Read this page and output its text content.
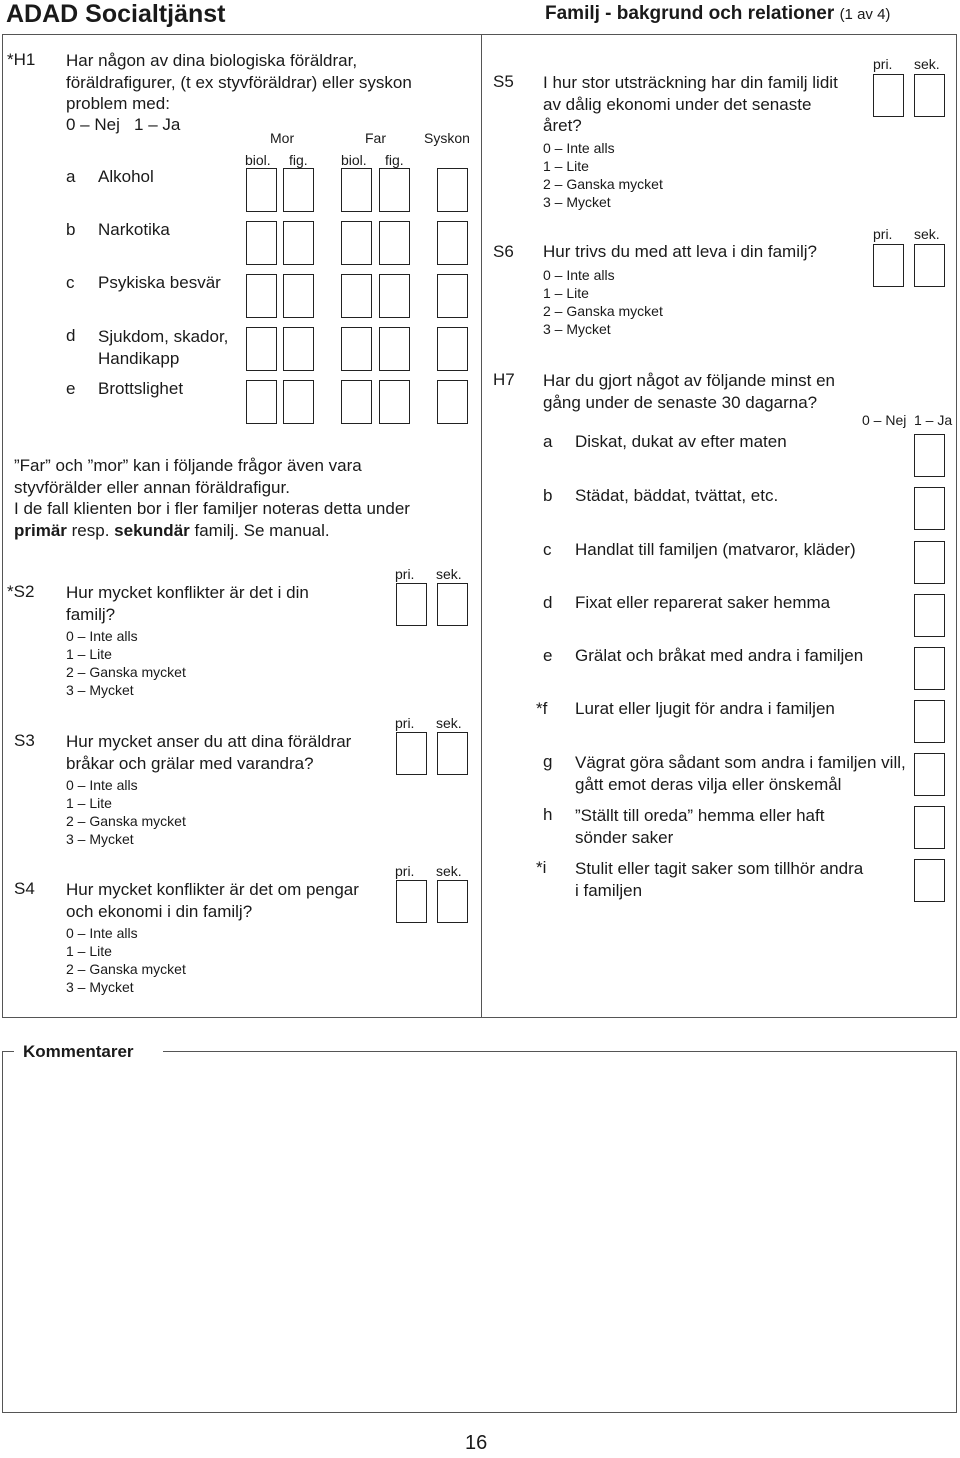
ADAD Socialtjänst	Familj - bakgrund och relationer (1 av 4)
*H1 Har någon av dina biologiska föräldrar, föräldrafigurer, (t ex styvföräldrar) eller syskon problem med:
0 – Nej   1 – Ja
Mor	Far	Syskon
biol. fig. biol. fig.
a Alkohol
b Narkotika
c Psykiska besvär
d Sjukdom, skador, Handikapp
e Brottslighet
”Far” och ”mor” kan i följande frågor även vara styvförälder eller annan föräldrafigur.
I de fall klienten bor i fler familjer noteras detta under primär resp. sekundär familj. Se manual.
pri. sek.
*S2 Hur mycket konflikter är det i din familj?
0 – Inte alls
1 – Lite
2 – Ganska mycket
3 – Mycket
pri. sek.
S3 Hur mycket anser du att dina föräldrar bråkar och grälar med varandra?
0 – Inte alls
1 – Lite
2 – Ganska mycket
3 – Mycket
pri. sek.
S4 Hur mycket konflikter är det om pengar och ekonomi i din familj?
0 – Inte alls
1 – Lite
2 – Ganska mycket
3 – Mycket
pri. sek.
S5 I hur stor utsträckning har din familj lidit av dålig ekonomi under det senaste året?
0 – Inte alls
1 – Lite
2 – Ganska mycket
3 – Mycket
pri. sek.
S6 Hur trivs du med att leva i din familj?
0 – Inte alls
1 – Lite
2 – Ganska mycket
3 – Mycket
H7 Har du gjort något av följande minst en gång under de senaste 30 dagarna?
0 – Nej 1 – Ja
a Diskat, dukat av efter maten
b Städat, bäddat, tvättat, etc.
c Handlat till familjen (matvaror, kläder)
d Fixat eller reparerat saker hemma
e Grälat och bråkat med andra i familjen
*f Lurat eller ljugit för andra i familjen
g Vägrat göra sådant som andra i familjen vill, gått emot deras vilja eller önskemål
h ”Ställt till oreda” hemma eller haft sönder saker
*i Stulit eller tagit saker som tillhör andra i familjen
Kommentarer
16
